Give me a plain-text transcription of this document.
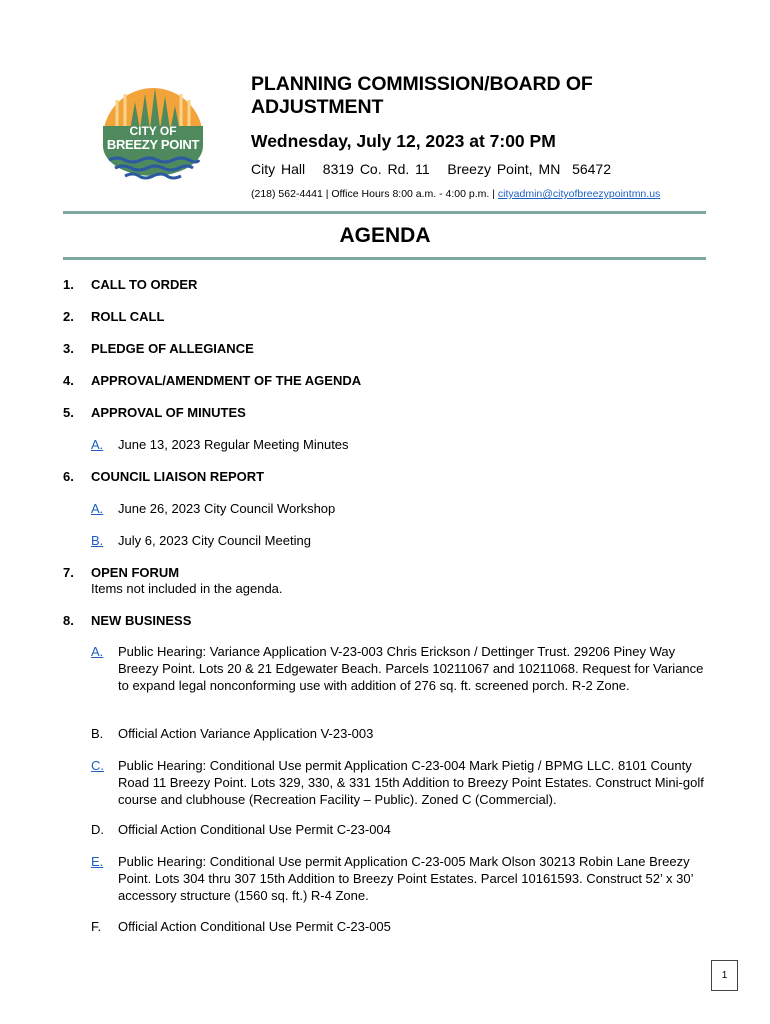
CITY OF
BREEZY POINT
PLANNING COMMISSION/BOARD OF
ADJUSTMENT
Wednesday, July 12, 2023 at 7:00 PM
City Hall   8319 Co. Rd. 11   Breezy Point, MN  56472
(218) 562-4441 | Office Hours 8:00 a.m. - 4:00 p.m. | cityadmin@cityofbreezypointmn.us
AGENDA
1. CALL TO ORDER
2. ROLL CALL
3. PLEDGE OF ALLEGIANCE
4. APPROVAL/AMENDMENT OF THE AGENDA
5. APPROVAL OF MINUTES
A. June 13, 2023 Regular Meeting Minutes
6. COUNCIL LIAISON REPORT
A. June 26, 2023 City Council Workshop
B. July 6, 2023 City Council Meeting
7. OPEN FORUM
Items not included in the agenda.
8. NEW BUSINESS
A. Public Hearing: Variance Application V-23-003 Chris Erickson / Dettinger Trust. 29206 Piney Way Breezy Point. Lots 20 & 21 Edgewater Beach. Parcels 10211067 and 10211068. Request for Variance to expand legal nonconforming use with addition of 276 sq. ft. screened porch. R-2 Zone.
B. Official Action Variance Application V-23-003
C. Public Hearing: Conditional Use permit Application C-23-004 Mark Pietig / BPMG LLC. 8101 County Road 11 Breezy Point. Lots 329, 330, & 331 15th Addition to Breezy Point Estates. Construct Mini-golf course and clubhouse (Recreation Facility – Public). Zoned C (Commercial).
D. Official Action Conditional Use Permit C-23-004
E. Public Hearing: Conditional Use permit Application C-23-005 Mark Olson 30213 Robin Lane Breezy Point. Lots 304 thru 307 15th Addition to Breezy Point Estates. Parcel 10161593. Construct 52’ x 30’ accessory structure (1560 sq. ft.) R-4 Zone.
F. Official Action Conditional Use Permit C-23-005
1
